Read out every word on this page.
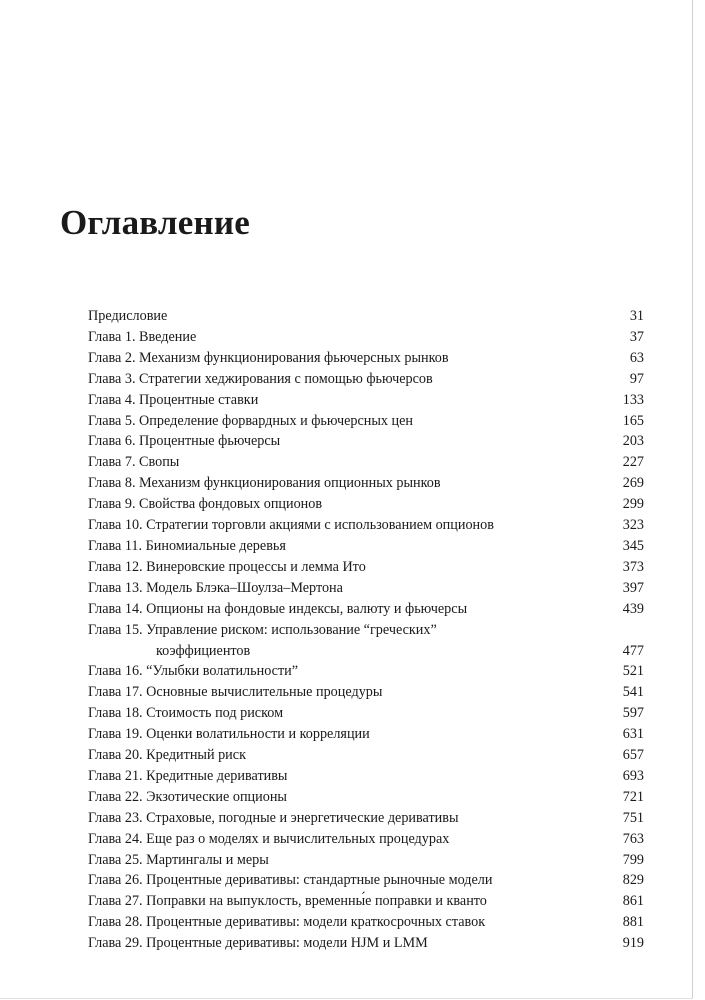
Оглавление
Предисловие	31
Глава 1. Введение	37
Глава 2. Механизм функционирования фьючерсных рынков	63
Глава 3. Стратегии хеджирования с помощью фьючерсов	97
Глава 4. Процентные ставки	133
Глава 5. Определение форвардных и фьючерсных цен	165
Глава 6. Процентные фьючерсы	203
Глава 7. Свопы	227
Глава 8. Механизм функционирования опционных рынков	269
Глава 9. Свойства фондовых опционов	299
Глава 10. Стратегии торговли акциями с использованием опционов	323
Глава 11. Биномиальные деревья	345
Глава 12. Винеровские процессы и лемма Ито	373
Глава 13. Модель Блэка–Шоулза–Мертона	397
Глава 14. Опционы на фондовые индексы, валюту и фьючерсы	439
Глава 15. Управление риском: использование “греческих”
коэффициентов	477
Глава 16. “Улыбки волатильности”	521
Глава 17. Основные вычислительные процедуры	541
Глава 18. Стоимость под риском	597
Глава 19. Оценки волатильности и корреляции	631
Глава 20. Кредитный риск	657
Глава 21. Кредитные деривативы	693
Глава 22. Экзотические опционы	721
Глава 23. Страховые, погодные и энергетические деривативы	751
Глава 24. Еще раз о моделях и вычислительных процедурах	763
Глава 25. Мартингалы и меры	799
Глава 26. Процентные деривативы: стандартные рыночные модели	829
Глава 27. Поправки на выпуклость, временны́е поправки и кванто	861
Глава 28. Процентные деривативы: модели краткосрочных ставок	881
Глава 29. Процентные деривативы: модели HJM и LMM	919
